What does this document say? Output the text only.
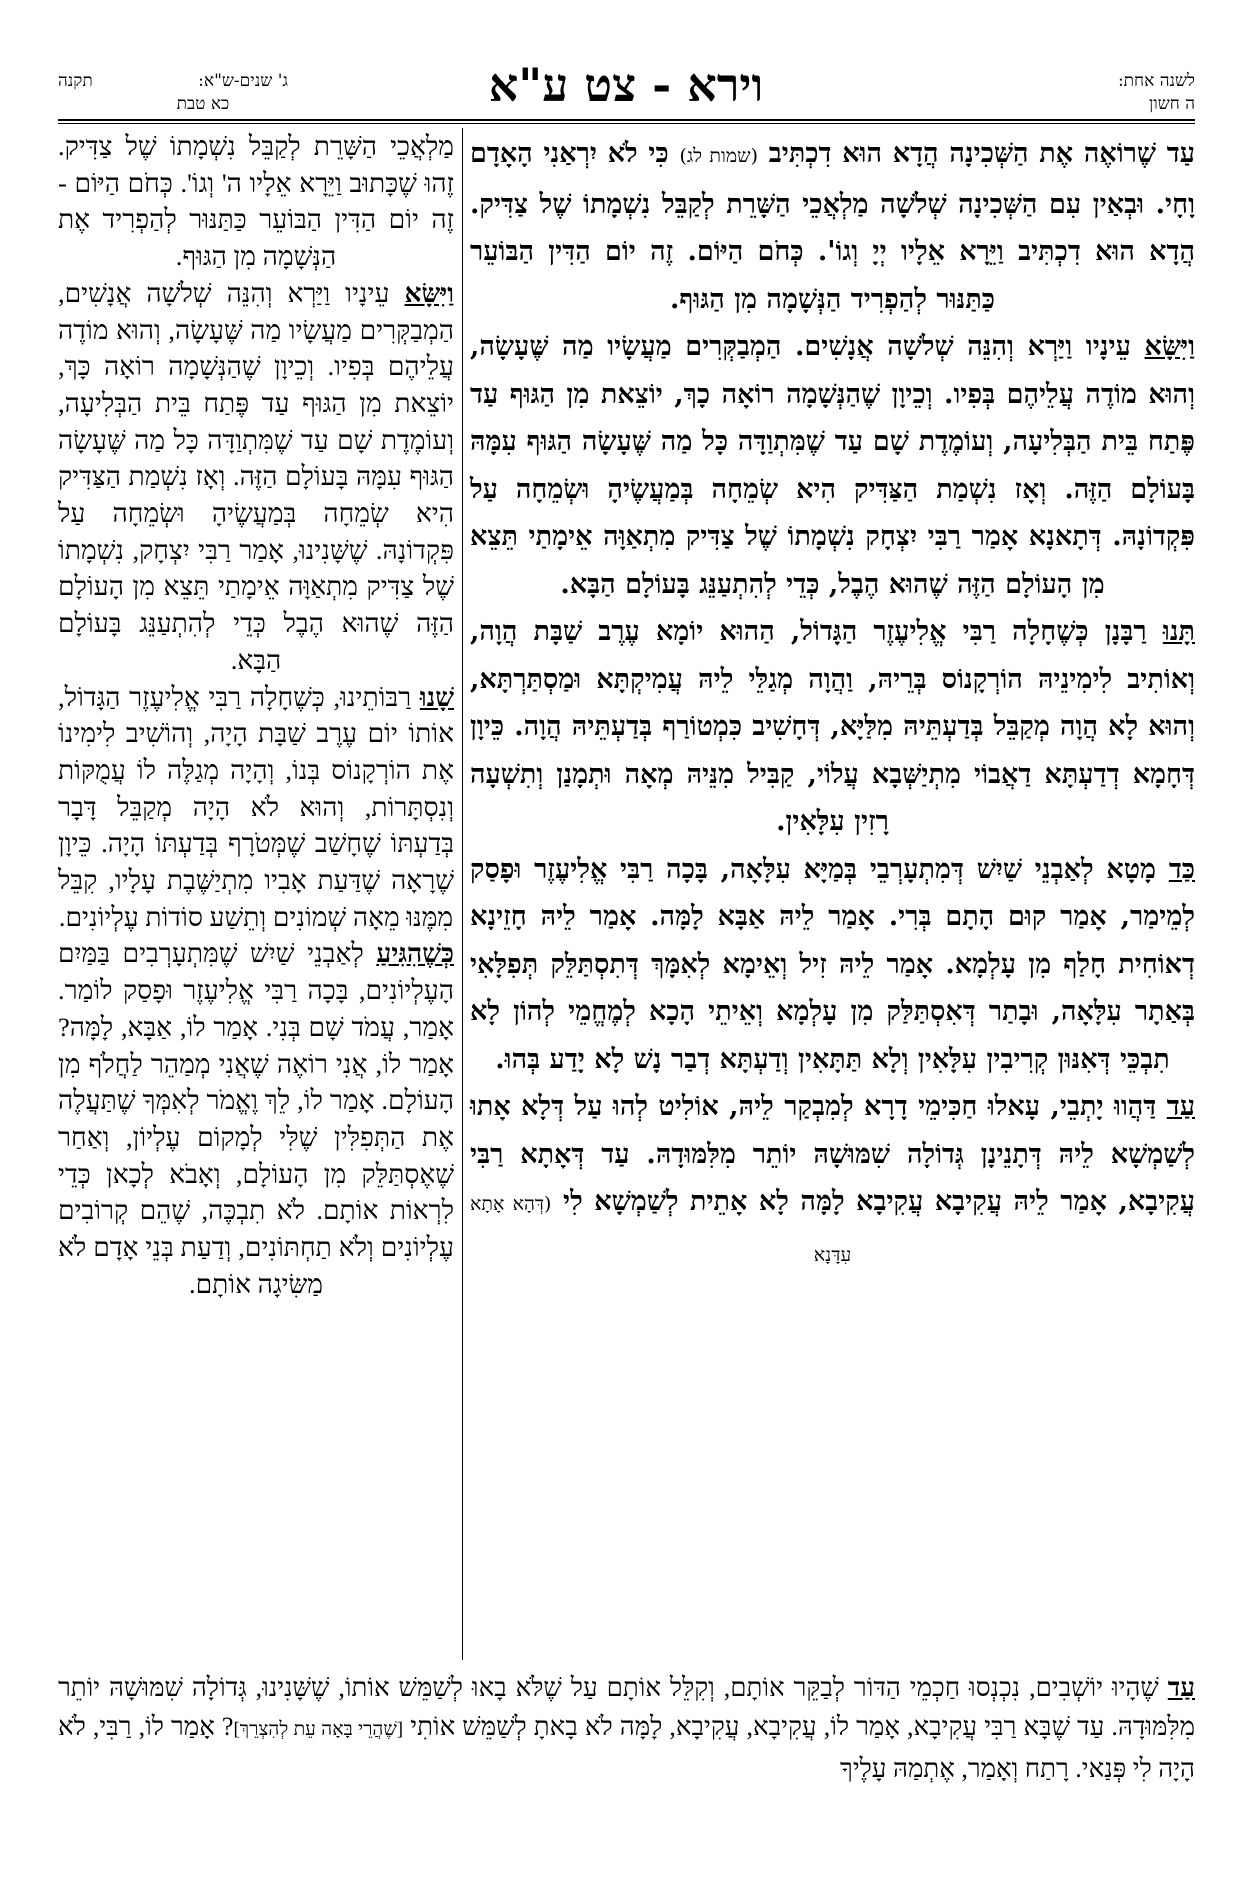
ג' שנים-ש"א:
תקנה
כא טבת	וירא - צט ע"א	לשנה אחת:
ה חשון

עַד שֶׁרוֹאֶה אֶת הַשְּׁכִינָה הֲדָא הוּא דִכְתִּיב (שמות לג) כִּי לֹא יִרְאַנִי הָאָדָם וָחָי. וּבְאַין עִם הַשְּׁכִינָה שְׁלֹשָׁה מַלְאֲכֵי הַשָּׁרֵת לְקַבֵּל נִשְׁמָתוֹ שֶׁל צַדִּיק. הֲדָא הוּא דִכְתִּיב וַיֵּרָא אֵלָיו יְיָ וְגוֹ'. כְּחֹם הַיּוֹם. זֶה יוֹם הַדִּין הַבּוֹעֵר כַּתַּנּוּר לְהַפְרִיד הַנְּשָׁמָה מִן הַגּוּף.

וַיִּשָּׂא עֵינָיו וַיַּרְא וְהִנֵּה שְׁלֹשָׁה אֲנָשִׁים. הַמְבַקְּרִים מַעֲשָׂיו מַה שֶּׁעָשָׂה, וְהוּא מוֹדֶה עֲלֵיהֶם בְּפִיו. וְכֵיוָן שֶׁהַנְּשָׁמָה רוֹאָה כָךְ, יוֹצֵאת מִן הַגּוּף עַד פֶּתַח בֵּית הַבְּלִיעָה, וְעוֹמֶדֶת שָׁם עַד שֶׁמִּתְוַדָּה כָּל מַה שֶּׁעָשָׂה הַגּוּף עִמָּהּ בָּעוֹלָם הַזֶּה. וְאָז נִשְׁמַת הַצַּדִּיק הִיא שְׂמֵחָה בְּמַעֲשֶׂיהָ וּשְׂמֵחָה עַל פִּקְדוֹנָהּ. דְּתָאנָא אָמַר רַבִּי יִצְחָק נִשְׁמָתוֹ שֶׁל צַדִּיק מִתְאַוָּה אֵימָתַי תֵּצֵא מִן הָעוֹלָם הַזֶּה שֶׁהוּא הֶבֶל, כְּדֵי לְהִתְעַנֵּג בָּעוֹלָם הַבָּא.

תָּנוּ רַבָּנָן כְּשֶׁחָלָה רַבִּי אֱלִיעֶזֶר הַגָּדוֹל, הַהוּא יוֹמָא עֶרֶב שַׁבָּת הֲוָה, וְאוֹתִיב לִימִינֵיהּ הוֹרְקָנוֹס בְּרֵיהּ, וַהֲוָה מְגַלֵּי לֵיהּ עֲמִיקְתָּא וּמַסְתַּרְתָּא, וְהוּא לָא הֲוָה מְקַבֵּל בְּדַעְתֵּיהּ מִלַּיָּא, דְּחָשִׁיב כִּמְטוֹרַף בְּדַעְתֵּיהּ הֲוָה. כֵּיוָן דְּחָמָא דְדַעְתָּא דַאֲבוֹי מִתְיַשְּׁבָא עֲלוֹי, קַבִּיל מִנֵּיהּ מְאָה וּתְמָנַן וְתִשְׁעָה רָזִין עִלָּאִין.

כַּד מָטָא לְאַבְנֵי שַׁיִשׁ דְּמִתְעָרְבֵי בְּמַיָּא עִלָּאָה, בָּכָה רַבִּי אֱלִיעֶזֶר וּפָסַק לְמֵימַר, אָמַר קוּם הָתָם בְּרִי. אָמַר לֵיהּ אַבָּא לָמָּה. אָמַר לֵיהּ חָזֵינָא דְאוֹחִית חָלַף מִן עָלְמָא. אָמַר לֵיהּ זִיל וְאֵימָא לְאִמָּךְ דְּתִסְתַּלֵּק תְּפִלָּאִי בְּאַתָר עִלָּאָה, וּבָתַר דְּאִסְתַּלַּק מִן עָלְמָא וְאֵיתֵי הָכָא לְמֶחֱמֵי לְהוֹן לָא תִבְכֵּי דְּאִנּוּן קְרִיבִין עִלָּאִין וְלָא תַּתָּאִין וְדַעְתָּא דְבַר נָשׁ לָא יָדַע בְּהוּ.

עַד דַּהֲווּ יָתְבֵי, עָאלוּ חַכִּימֵי דָרָא לְמִבְקַר לֵיהּ, אוֹלִיט לְהוּ עַל דְּלָא אָתוּ לְשַׁמְשָׁא לֵיהּ דְּתָנֵינָן גְּדוֹלָה שִׁמּוּשָׁהּ יוֹתֵר מִלִּמּוּדָהּ. עַד דְּאָתָא רַבִּי עֲקִיבָא, אָמַר לֵיהּ עֲקִיבָא עֲקִיבָא לָמָּה לָא אָתֵית לְשַׁמְשָׁא לִי (דְּהָא אָתָא עִדָּנָא

מַלְאֲכֵי הַשָּׁרֵת לְקַבֵּל נִשְׁמָתוֹ שֶׁל צַדִּיק. זֶהוּ שֶׁכָּתוּב וַיֵּרָא אֵלָיו ה' וְגוֹ'. כְּחֹם הַיּוֹם - זֶה יוֹם הַדִּין הַבּוֹעֵר כַּתַּנּוּר לְהַפְרִיד אֶת הַנְּשָׁמָה מִן הַגּוּף.

וַיִּשָּׂא עֵינָיו וַיַּרְא וְהִנֵּה שְׁלֹשָׁה אֲנָשִׁים, הַמְבַקְּרִים מַעֲשָׂיו מַה שֶּׁעָשָׂה, וְהוּא מוֹדֶה עֲלֵיהֶם בְּפִיו. וְכֵיוָן שֶׁהַנְּשָׁמָה רוֹאָה כָּךְ, יוֹצֵאת מִן הַגּוּף עַד פֶּתַח בֵּית הַבְּלִיעָה, וְעוֹמֶדֶת שָׁם עַד שֶׁמִּתְוַדָּה כָּל מַה שֶּׁעָשָׂה הַגּוּף עִמָּהּ בָּעוֹלָם הַזֶּה. וְאָז נִשְׁמַת הַצַּדִּיק הִיא שְׂמֵחָה בְּמַעֲשֶׂיהָ וּשְׂמֵחָה עַל פִּקְדוֹנָהּ. שֶׁשָּׁנִינוּ, אָמַר רַבִּי יִצְחָק, נִשְׁמָתוֹ שֶׁל צַדִּיק מִתְאַוָּה אֵימָתַי תֵּצֵא מִן הָעוֹלָם הַזֶּה שֶׁהוּא הֶבֶל כְּדֵי לְהִתְעַנֵּג בָּעוֹלָם הַבָּא.

שָׁנוּ רַבּוֹתֵינוּ, כְּשֶׁחָלָה רַבִּי אֱלִיעֶזֶר הַגָּדוֹל, אוֹתוֹ יוֹם עֶרֶב שַׁבָּת הָיָה, וְהוֹשִׁיב לִימִינוֹ אֶת הוֹרְקָנוֹס בְּנוֹ, וְהָיָה מְגַלֶּה לוֹ עֲמֻקּוֹת וְנִסְתָּרוֹת, וְהוּא לֹא הָיָה מְקַבֵּל דָּבָר בְּדַעְתּוֹ שֶׁחָשַׁב שֶׁמְּטֹרָף בְּדַעְתּוֹ הָיָה. כֵּיוָן שֶׁרָאָה שֶׁדַּעַת אָבִיו מִתְיַשֶּׁבֶת עָלָיו, קִבֵּל מִמֶּנּוּ מֵאָה שְׁמוֹנִים וְתֵשַׁע סוֹדוֹת עֶלְיוֹנִים.

כְּשֶׁהִגִּיעַ לְאַבְנֵי שַׁיִשׁ שֶׁמִּתְעָרְבִים בַּמַּיִם הָעֶלְיוֹנִים, בָּכָה רַבִּי אֱלִיעֶזֶר וּפָסַק לוֹמַר. אָמַר, עֲמֹד שָׁם בְּנִי. אָמַר לוֹ, אַבָּא, לָמָּה? אָמַר לוֹ, אֲנִי רוֹאֶה שֶׁאֲנִי מְמַהֵר לַחֲלֹף מִן הָעוֹלָם. אָמַר לוֹ, לֵךְ וֶאֱמֹר לְאִמְּךָ שֶׁתַּעֲלֶה אֶת הַתְּפִלִּין שֶׁלִּי לְמָקוֹם עֶלְיוֹן, וְאַחַר שֶׁאֶסְתַּלֵּק מִן הָעוֹלָם, וְאָבֹא לְכָאן כְּדֵי לִרְאוֹת אוֹתָם. לֹא תִבְכֶּה, שֶׁהֵם קְרוֹבִים עֶלְיוֹנִים וְלֹא תַחְתּוֹנִים, וְדַעַת בְּנֵי אָדָם לֹא מַשִּׂיגָה אוֹתָם.

עַד שֶׁהָיוּ יוֹשְׁבִים, נִכְנְסוּ חַכְמֵי הַדּוֹר לְבַקֵּר אוֹתָם, וְקִלֵּל אוֹתָם עַל שֶׁלֹּא בָאוּ לְשַׁמֵּשׁ אוֹתוֹ, שֶׁשָּׁנִינוּ, גְּדוֹלָה שִׁמּוּשָׁהּ יוֹתֵר מִלִּמּוּדָהּ. עַד שֶׁבָּא רַבִּי עֲקִיבָא, אָמַר לוֹ, עֲקִיבָא, עֲקִיבָא, לָמָּה לֹא בָאתָ לְשַׁמֵּשׁ אוֹתִי [שֶׁהֲרֵי בָּאָה עֵת לְהִצְרֵךְ]? אָמַר לוֹ, רַבִּי, לֹא הָיָה לִי פְּנַאי. רָתַח וְאָמַר, אֶתְמַהּ עָלֶיךָ
